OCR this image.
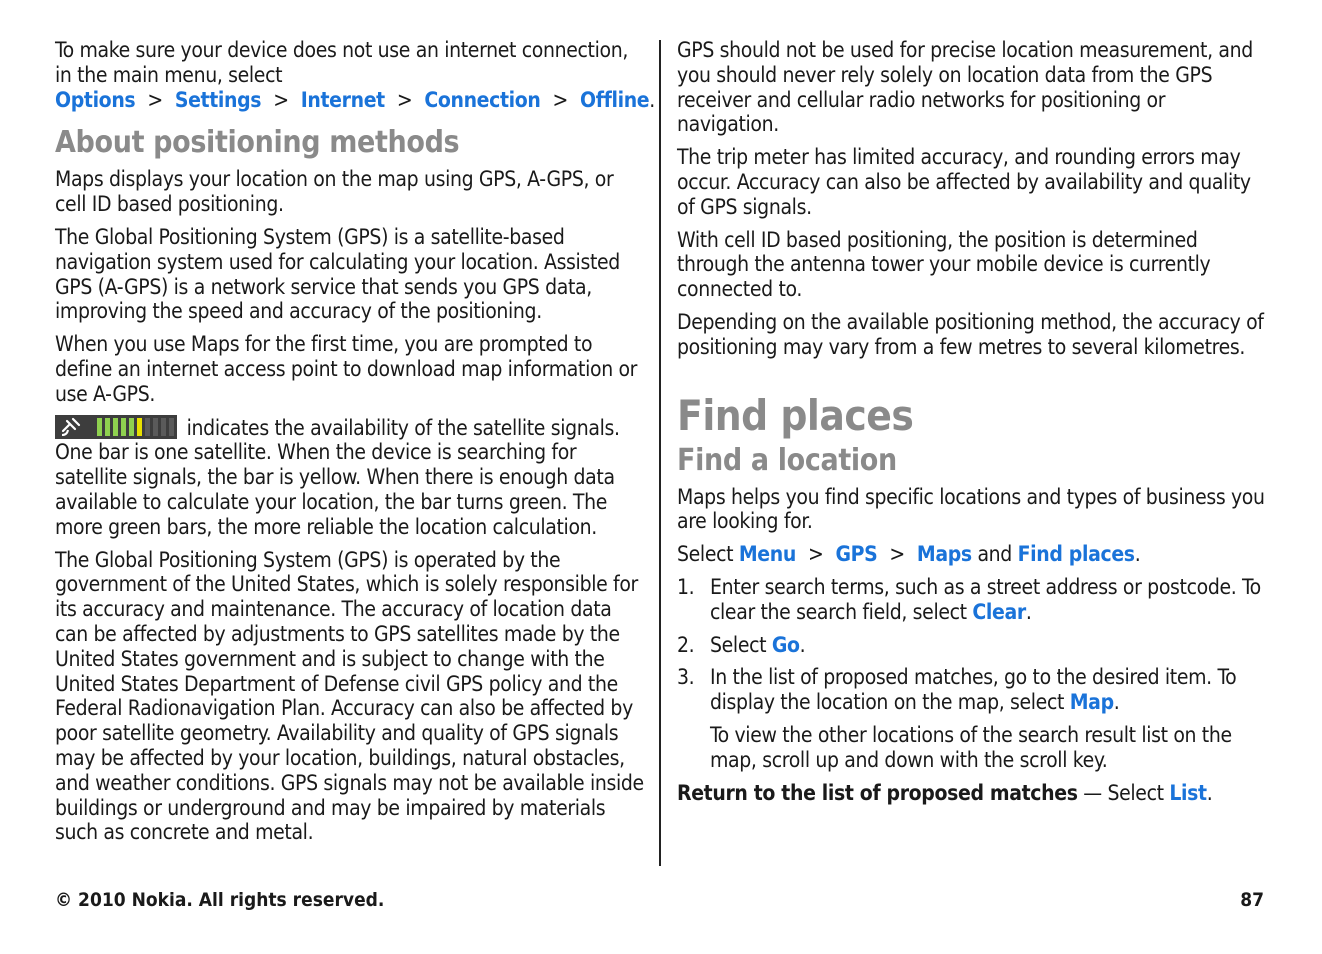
To make sure your device does not use an internet connection, in the main menu, select Options > Settings > Internet > Connection > Offline.

About positioning methods

Maps displays your location on the map using GPS, A-GPS, or cell ID based positioning.

The Global Positioning System (GPS) is a satellite-based navigation system used for calculating your location. Assisted GPS (A-GPS) is a network service that sends you GPS data, improving the speed and accuracy of the positioning.

When you use Maps for the first time, you are prompted to define an internet access point to download map information or use A-GPS.

indicates the availability of the satellite signals. One bar is one satellite. When the device is searching for satellite signals, the bar is yellow. When there is enough data available to calculate your location, the bar turns green. The more green bars, the more reliable the location calculation.

The Global Positioning System (GPS) is operated by the government of the United States, which is solely responsible for its accuracy and maintenance. The accuracy of location data can be affected by adjustments to GPS satellites made by the United States government and is subject to change with the United States Department of Defense civil GPS policy and the Federal Radionavigation Plan. Accuracy can also be affected by poor satellite geometry. Availability and quality of GPS signals may be affected by your location, buildings, natural obstacles, and weather conditions. GPS signals may not be available inside buildings or underground and may be impaired by materials such as concrete and metal.

GPS should not be used for precise location measurement, and you should never rely solely on location data from the GPS receiver and cellular radio networks for positioning or navigation.

The trip meter has limited accuracy, and rounding errors may occur. Accuracy can also be affected by availability and quality of GPS signals.

With cell ID based positioning, the position is determined through the antenna tower your mobile device is currently connected to.

Depending on the available positioning method, the accuracy of positioning may vary from a few metres to several kilometres.

Find places
Find a location

Maps helps you find specific locations and types of business you are looking for.

Select Menu > GPS > Maps and Find places.

1. Enter search terms, such as a street address or postcode. To clear the search field, select Clear.
2. Select Go.
3. In the list of proposed matches, go to the desired item. To display the location on the map, select Map.
To view the other locations of the search result list on the map, scroll up and down with the scroll key.

Return to the list of proposed matches — Select List.

© 2010 Nokia. All rights reserved.	87
